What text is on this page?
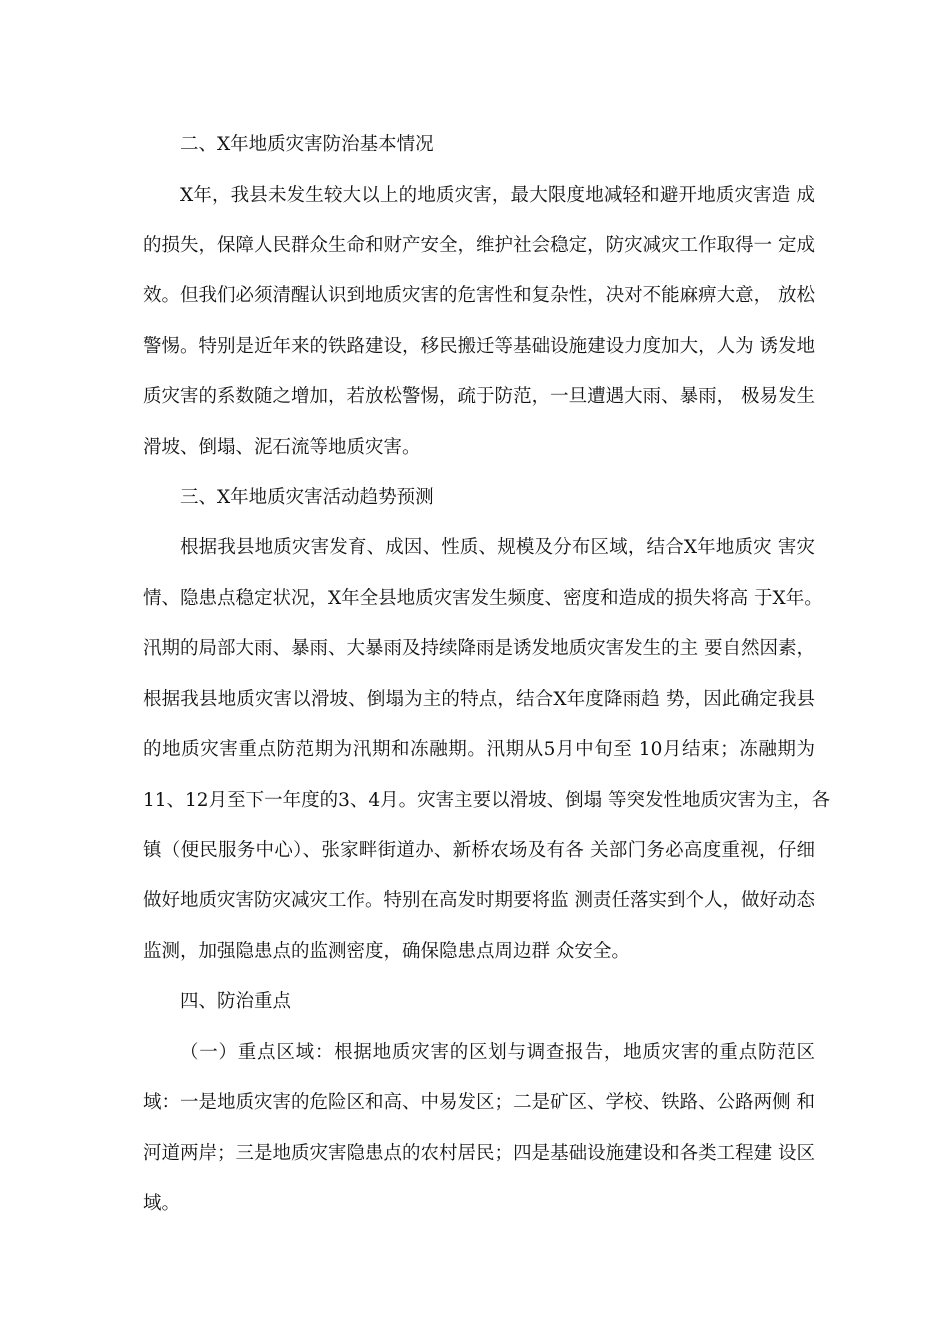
二、X年地质灾害防治基本情况
X年，我县未发生较大以上的地质灾害，最大限度地减轻和避开地质灾害造 成
的损失，保障人民群众生命和财产安全，维护社会稳定，防灾减灾工作取得一 定成
效。但我们必须清醒认识到地质灾害的危害性和复杂性，决对不能麻痹大意， 放松
警惕。特别是近年来的铁路建设，移民搬迁等基础设施建设力度加大，人为 诱发地
质灾害的系数随之增加，若放松警惕，疏于防范，一旦遭遇大雨、暴雨， 极易发生
滑坡、倒塌、泥石流等地质灾害。
三、X年地质灾害活动趋势预测
根据我县地质灾害发育、成因、性质、规模及分布区域，结合X年地质灾 害灾
情、隐患点稳定状况，X年全县地质灾害发生频度、密度和造成的损失将高 于X年。
汛期的局部大雨、暴雨、大暴雨及持续降雨是诱发地质灾害发生的主 要自然因素，
根据我县地质灾害以滑坡、倒塌为主的特点，结合X年度降雨趋 势，因此确定我县
的地质灾害重点防范期为汛期和冻融期。汛期从5月中旬至 10月结束；冻融期为
11、12月至下一年度的3、4月。灾害主要以滑坡、倒塌 等突发性地质灾害为主，各
镇（便民服务中心）、张家畔街道办、新桥农场及有各 关部门务必高度重视，仔细
做好地质灾害防灾减灾工作。特别在高发时期要将监 测责任落实到个人，做好动态
监测，加强隐患点的监测密度，确保隐患点周边群 众安全。
四、防治重点
（一）重点区域：根据地质灾害的区划与调查报告，地质灾害的重点防范区
域：一是地质灾害的危险区和高、中易发区；二是矿区、学校、铁路、公路两侧 和
河道两岸；三是地质灾害隐患点的农村居民；四是基础设施建设和各类工程建 设区
域。
